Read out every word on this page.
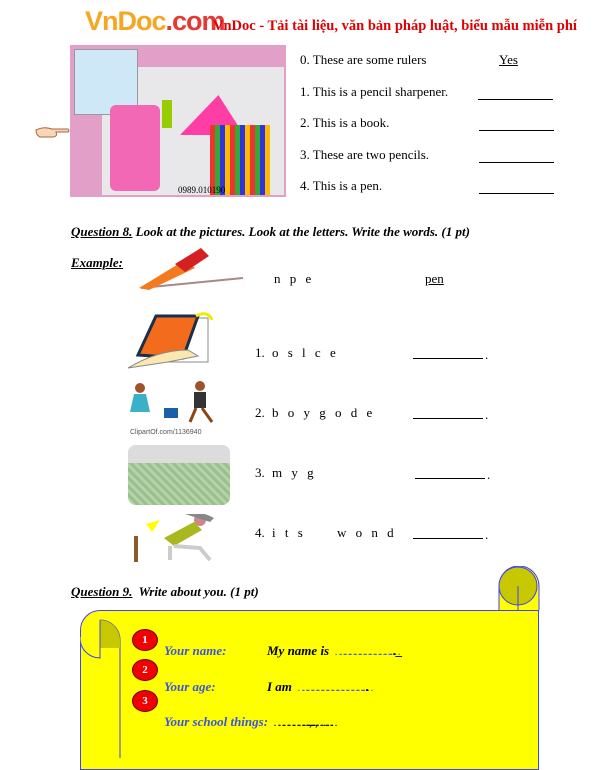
VnDoc.com
VnDoc - Tải tài liệu, văn bản pháp luật, biểu mẫu miễn phí
0989.010190
0. These are some rulers	Yes
1. This is a pencil sharpener.
2. This is a book.
3. These are two pencils.
4. This is a pen.
Question 8. Look at the pictures. Look at the letters. Write the words. (1 pt)
Example:
n p e	pen
1. o s l c e	.
ClipartOf.com/1136940
2. b o y g o d e	.
3. m y g	.
4. i t s     w o n d	.
Question 9.  Write about you. (1 pt)
1
2
3
Your name:	My name is ……………………………….. ._
Your age:	I am …………………………………….. .
Your school things: ……………………., ………………... ,
